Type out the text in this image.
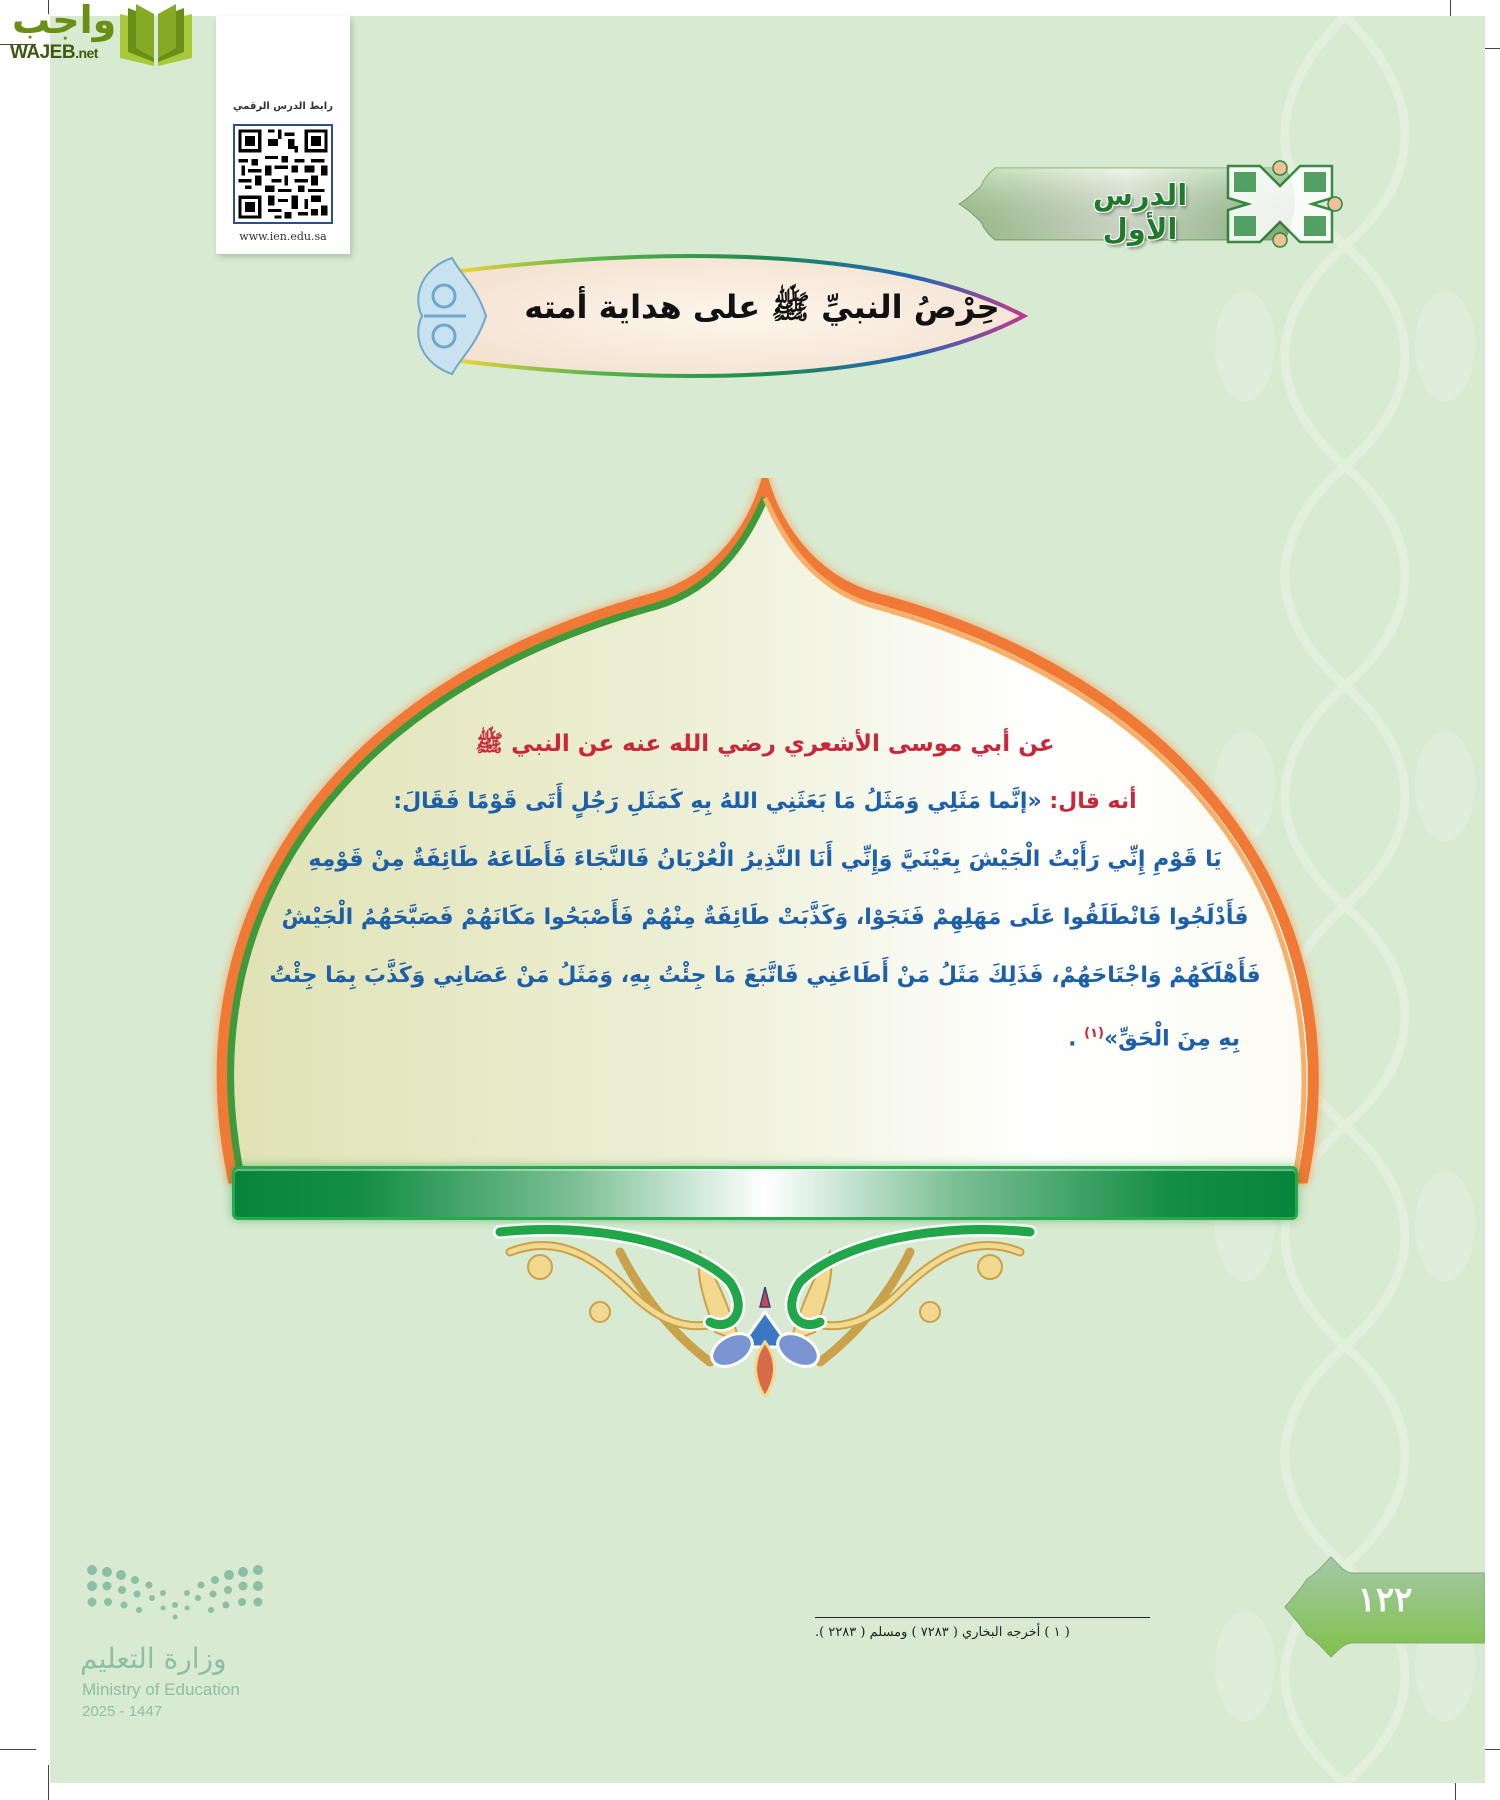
واجب
WAJEB.net
رابط الدرس الرقمي
www.ien.edu.sa
الدرس الأول
حِرْصُ النبيِّ ﷺ على هداية أمته
عن أبي موسى الأشعري رضي الله عنه عن النبي ﷺ
أنه قال: «إنَّما مَثَلِي وَمَثَلُ مَا بَعَثَنِي اللهُ بِهِ كَمَثَلِ رَجُلٍ أَتَى قَوْمًا فَقَالَ:
يَا قَوْمِ إِنِّي رَأَيْتُ الْجَيْشَ بِعَيْنَيَّ وَإِنِّي أَنَا النَّذِيرُ الْعُرْيَانُ فَالنَّجَاءَ فَأَطَاعَهُ طَائِفَةٌ مِنْ قَوْمِهِ
فَأَدْلَجُوا فَانْطَلَقُوا عَلَى مَهَلِهِمْ فَنَجَوْا، وَكَذَّبَتْ طَائِفَةٌ مِنْهُمْ فَأَصْبَحُوا مَكَانَهُمْ فَصَبَّحَهُمُ الْجَيْشُ
فَأَهْلَكَهُمْ وَاجْتَاحَهُمْ، فَذَلِكَ مَثَلُ مَنْ أَطَاعَنِي فَاتَّبَعَ مَا جِئْتُ بِهِ، وَمَثَلُ مَنْ عَصَانِي وَكَذَّبَ بِمَا جِئْتُ
بِهِ مِنَ الْحَقِّ»$^{(١)}$ .
وزارة التعليم
Ministry of Education
2025 - 1447
( ١ ) أخرجه البخاري ( ٧٢٨٣ ) ومسلم ( ٢٢٨٣ ).
١٢٢
